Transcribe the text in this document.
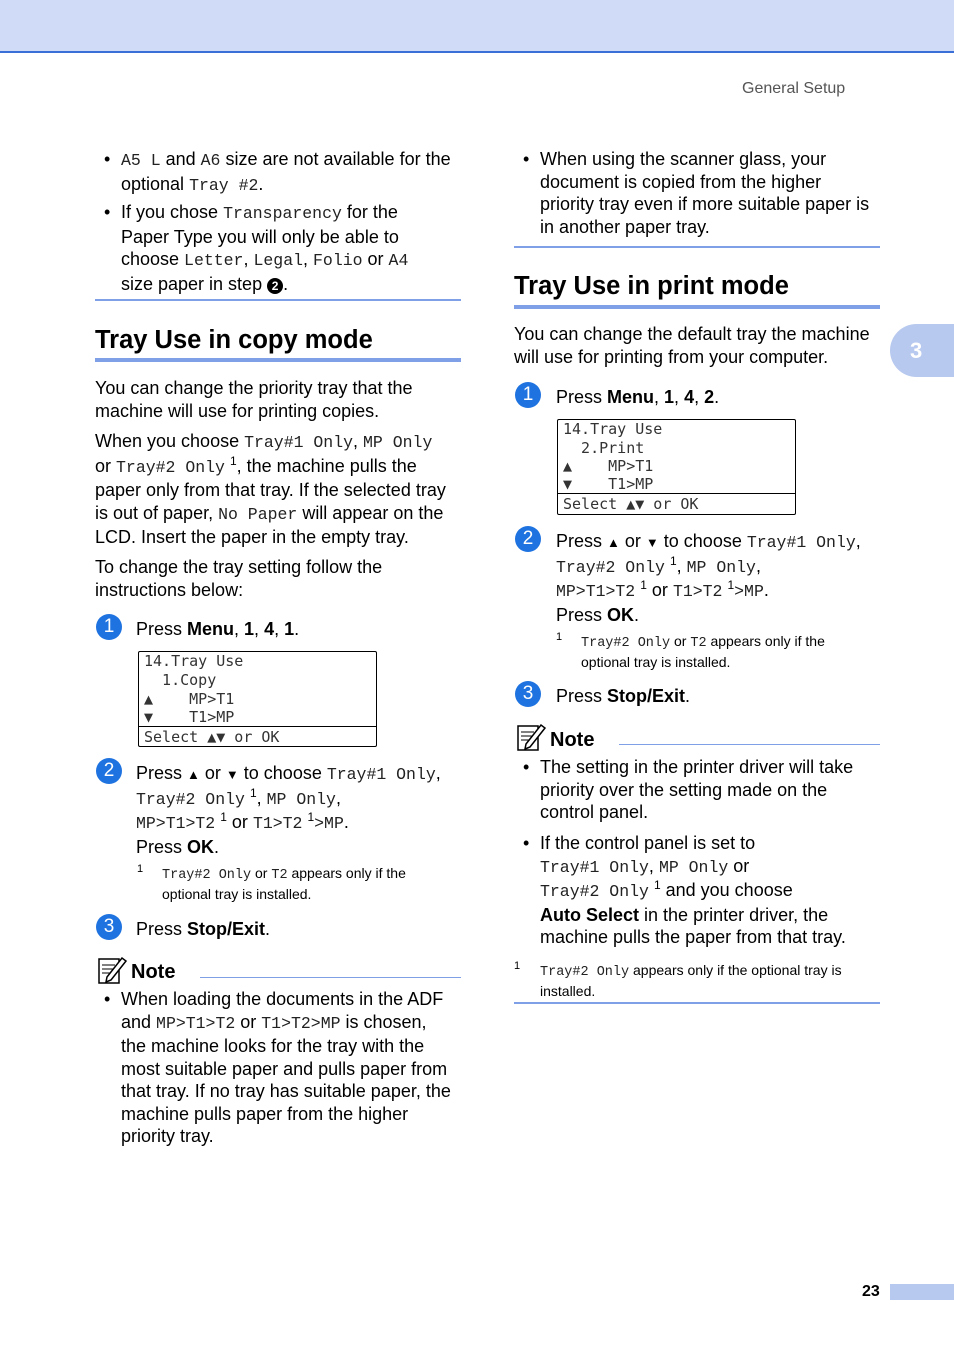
General Setup
3
23
• A5 L and A6 size are not available for the
optional Tray #2.
• If you chose Transparency for the
Paper Type you will only be able to
choose Letter, Legal, Folio or A4
size paper in step 2 .
Tray Use in copy mode
You can change the priority tray that the
machine will use for printing copies.
When you choose Tray#1 Only, MP Only
or Tray#2 Only $^1$, the machine pulls the
paper only from that tray. If the selected tray
is out of paper, No Paper will appear on the
LCD. Insert the paper in the empty tray.
To change the tray setting follow the
instructions below:
1	Press Menu, 1, 4, 1.
14.Tray Use
1.Copy
▲    MP>T1
▼    T1>MP
Select ▲▼ or OK
2	Press ▲ or ▼ to choose Tray#1 Only,
Tray#2 Only $^1$, MP Only,
MP>T1>T2 $^1$ or T1>T2 $^1$>MP.
Press OK.
1 Tray#2 Only or T2 appears only if the
optional tray is installed.
3	Press Stop/Exit.
Note
• When loading the documents in the ADF
and MP>T1>T2 or T1>T2>MP is chosen,
the machine looks for the tray with the
most suitable paper and pulls paper from
that tray. If no tray has suitable paper, the
machine pulls paper from the higher
priority tray.
• When using the scanner glass, your
document is copied from the higher
priority tray even if more suitable paper is
in another paper tray.
Tray Use in print mode
You can change the default tray the machine
will use for printing from your computer.
1	Press Menu, 1, 4, 2.
14.Tray Use
2.Print
▲    MP>T1
▼    T1>MP
Select ▲▼ or OK
2	Press ▲ or ▼ to choose Tray#1 Only,
Tray#2 Only $^1$, MP Only,
MP>T1>T2 $^1$ or T1>T2 $^1$>MP.
Press OK.
1 Tray#2 Only or T2 appears only if the
optional tray is installed.
3	Press Stop/Exit.
Note
• The setting in the printer driver will take
priority over the setting made on the
control panel.
• If the control panel is set to
Tray#1 Only, MP Only or
Tray#2 Only $^1$ and you choose
Auto Select in the printer driver, the
machine pulls the paper from that tray.
1 Tray#2 Only appears only if the optional tray is
installed.
